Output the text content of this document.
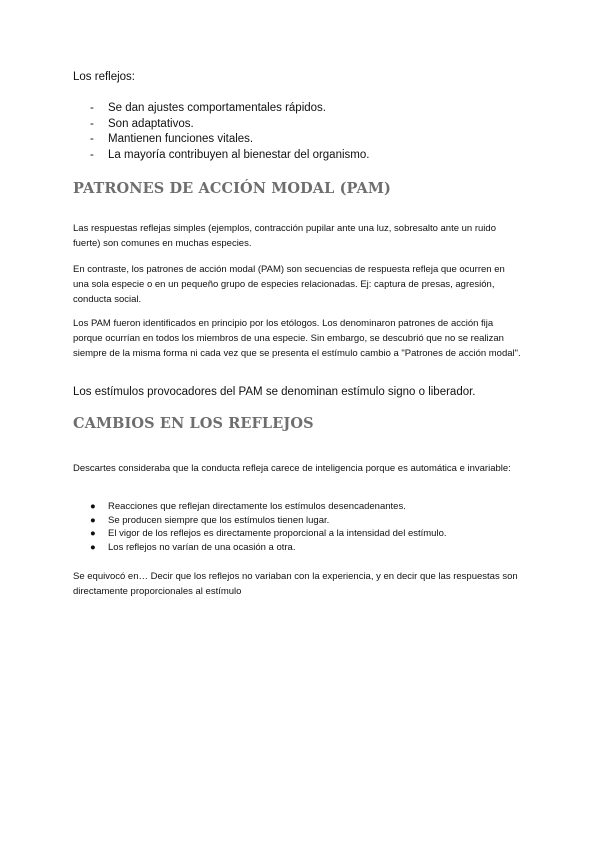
Los reflejos:

- Se dan ajustes comportamentales rápidos.
- Son adaptativos.
- Mantienen funciones vitales.
- La mayoría contribuyen al bienestar del organismo.
PATRONES DE ACCIÓN MODAL (PAM)

Las respuestas reflejas simples (ejemplos, contracción pupilar ante una luz, sobresalto ante un ruido fuerte) son comunes en muchas especies.

En contraste, los patrones de acción modal (PAM) son secuencias de respuesta refleja que ocurren en una sola especie o en un pequeño grupo de especies relacionadas. Ej: captura de presas, agresión, conducta social.

Los PAM fueron identificados en principio por los etólogos. Los denominaron patrones de acción fija porque ocurrían en todos los miembros de una especie. Sin embargo, se descubrió que no se realizan siempre de la misma forma ni cada vez que se presenta el estímulo cambio a "Patrones de acción modal".

Los estímulos provocadores del PAM se denominan estímulo signo o liberador.

CAMBIOS EN LOS REFLEJOS

Descartes consideraba que la conducta refleja carece de inteligencia porque es automática e invariable:

● Reacciones que reflejan directamente los estímulos desencadenantes.
● Se producen siempre que los estímulos tienen lugar.
● El vigor de los reflejos es directamente proporcional a la intensidad del estímulo.
● Los reflejos no varían de una ocasión a otra.

Se equivocó en… Decir que los reflejos no variaban con la experiencia, y en decir que las respuestas son directamente proporcionales al estímulo
